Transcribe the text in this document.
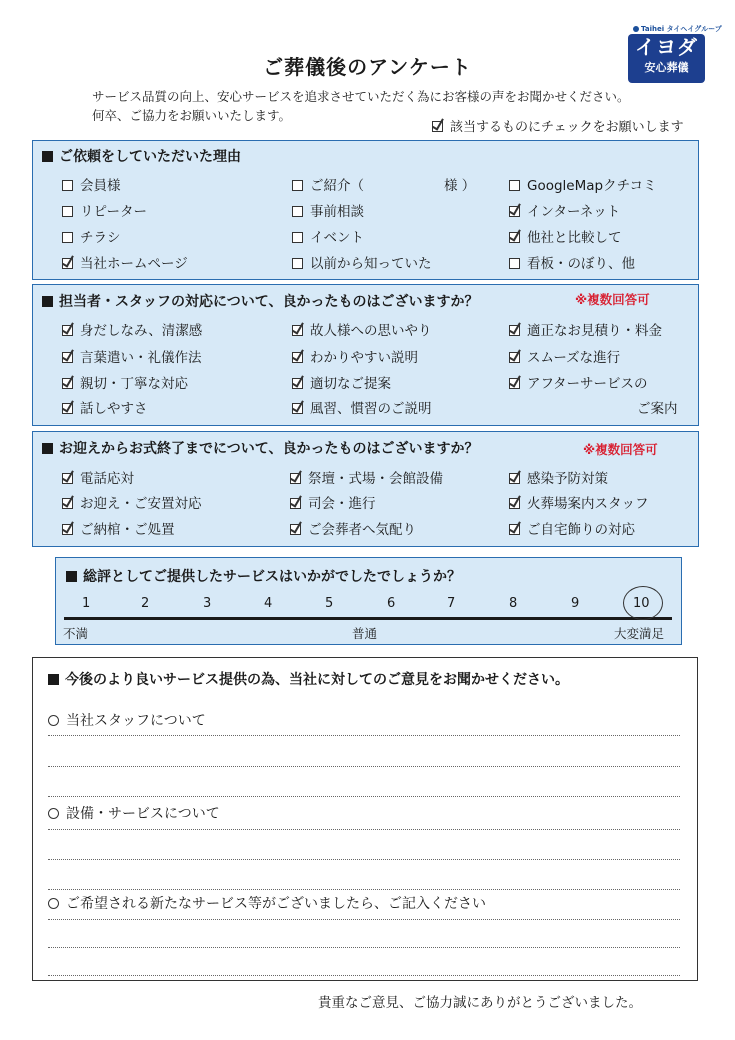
Taihei タイヘイグループ
イヨダ
安心葬儀
ご葬儀後のアンケート
サービス品質の向上、安心サービスを追求させていただく為にお客様の声をお聞かせください。
何卒、ご協力をお願いいたします。
該当するものにチェックをお願いします
ご依頼をしていただいた理由
会員様	ご紹介（	様 ）	GoogleMapクチコミ
リピーター	事前相談	インターネット
チラシ	イベント	他社と比較して
当社ホームページ	以前から知っていた	看板・のぼり、他
担当者・スタッフの対応について、良かったものはございますか？	※複数回答可
身だしなみ、清潔感	故人様への思いやり	適正なお見積り・料金
言葉遣い・礼儀作法	わかりやすい説明	スムーズな進行
親切・丁寧な対応	適切なご提案	アフターサービスの
話しやすさ	風習、慣習のご説明	ご案内
お迎えからお式終了までについて、良かったものはございますか？	※複数回答可
電話応対	祭壇・式場・会館設備	感染予防対策
お迎え・ご安置対応	司会・進行	火葬場案内スタッフ
ご納棺・ご処置	ご会葬者へ気配り	ご自宅飾りの対応
総評としてご提供したサービスはいかがでしたでしょうか？
1	2	3	4	5	6	7	8	9	10
不満	普通	大変満足
今後のより良いサービス提供の為、当社に対してのご意見をお聞かせください。
当社スタッフについて
設備・サービスについて
ご希望される新たなサービス等がございましたら、ご記入ください
貴重なご意見、ご協力誠にありがとうございました。
